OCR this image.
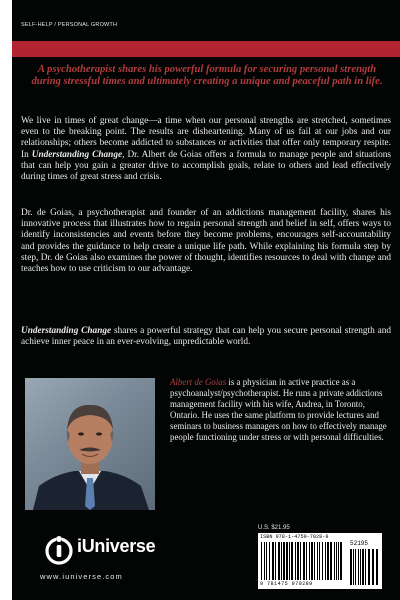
SELF-HELP / PERSONAL GROWTH
A psychotherapist shares his powerful formula for securing personal strength during stressful times and ultimately creating a unique and peaceful path in life.
We live in times of great change—a time when our personal strengths are stretched, sometimes even to the breaking point. The results are disheartening. Many of us fail at our jobs and our relationships; others become addicted to substances or activities that offer only temporary respite. In Understanding Change, Dr. Albert de Goias offers a formula to manage people and situations that can help you gain a greater drive to accomplish goals, relate to others and lead effectively during times of great stress and crisis.
Dr. de Goias, a psychotherapist and founder of an addictions management facility, shares his innovative process that illustrates how to regain personal strength and belief in self, offers ways to identify inconsistencies and events before they become problems, encourages self-accountability and provides the guidance to help create a unique life path. While explaining his formula step by step, Dr. de Goias also examines the power of thought, identifies resources to deal with change and teaches how to use criticism to our advantage.
Understanding Change shares a powerful strategy that can help you secure personal strength and achieve inner peace in an ever-evolving, unpredictable world.
Albert de Goias is a physician in active practice as a psychoanalyst/psychotherapist. He runs a private addictions management facility with his wife, Andrea, in Toronto, Ontario. He uses the same platform to provide lectures and seminars to business managers on how to effectively manage people functioning under stress or with personal difficulties.
U.S. $21.95
ISBN 978-1-4759-7028-9
52195
9 781475 970289
iUniverse
www.iuniverse.com
